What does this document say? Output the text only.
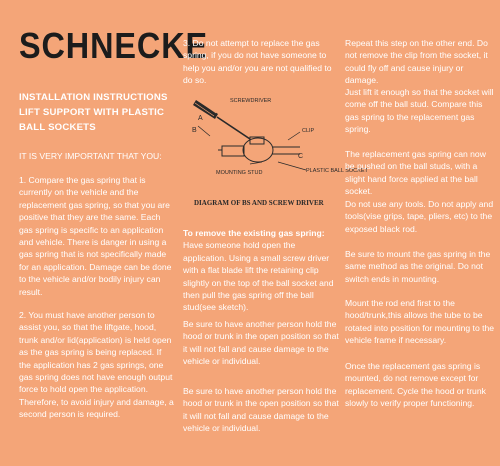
SCHNECKE
INSTALLATION INSTRUCTIONS LIFT SUPPORT WITH PLASTIC BALL SOCKETS

IT IS VERY IMPORTANT THAT YOU:

1. Compare the gas spring that is currently on the vehicle and the replacement gas spring, so that you are positive that they are the same. Each gas spring is specific to an application and vehicle. There is danger in using a gas spring that is not specifically made for an application. Damage can be done to the vehicle and/or bodily injury can result.

2. You must have another person to assist you, so that the liftgate, hood, trunk and/or lid(application) is held open as the gas spring is being replaced. If the application has 2 gas springs, one gas spring does not have enough output force to hold open the application. Therefore, to avoid injury and damage, a second person is required.

3. Do not attempt to replace the gas spring, if you do not have someone to help you and/or you are not qualified to do so.

To remove the existing gas spring:
Have someone hold open the application. Using a small screw driver with a flat blade lift the retaining clip slightly on the top of the ball socket and then pull the gas spring off the ball stud(see sketch).

Be sure to have another person hold the hood or trunk in the open position so that it will not fall and cause damage to the vehicle or individual.

Be sure to have another person hold the hood or trunk in the open position so that it will not fall and cause damage to the vehicle or individual.

SCREWDRIVER
CLIP
PLASTIC BALL SOCKET
MOUNTING STUD
A
B
C
DIAGRAM OF BS AND SCREW DRIVER

Repeat this step on the other end. Do not remove the clip from the socket, it could fly off and cause injury or damage.

Just lift it enough so that the socket will come off the ball stud. Compare this gas spring to the replacement gas spring.

The replacement gas spring can now be pushed on the ball studs, with a slight hand force applied at the ball socket.

Do not use any tools. Do not apply and tools(vise grips, tape, pliers, etc) to the exposed black rod.

Be sure to mount the gas spring in the same method as the original. Do not switch ends in mounting.

Mount the rod end first to the hood/trunk,this allows the tube to be rotated into position for mounting to the vehicle frame if necessary.

Once the replacement gas spring is mounted, do not remove except for replacement. Cycle the hood or trunk slowly to verify proper functioning.
